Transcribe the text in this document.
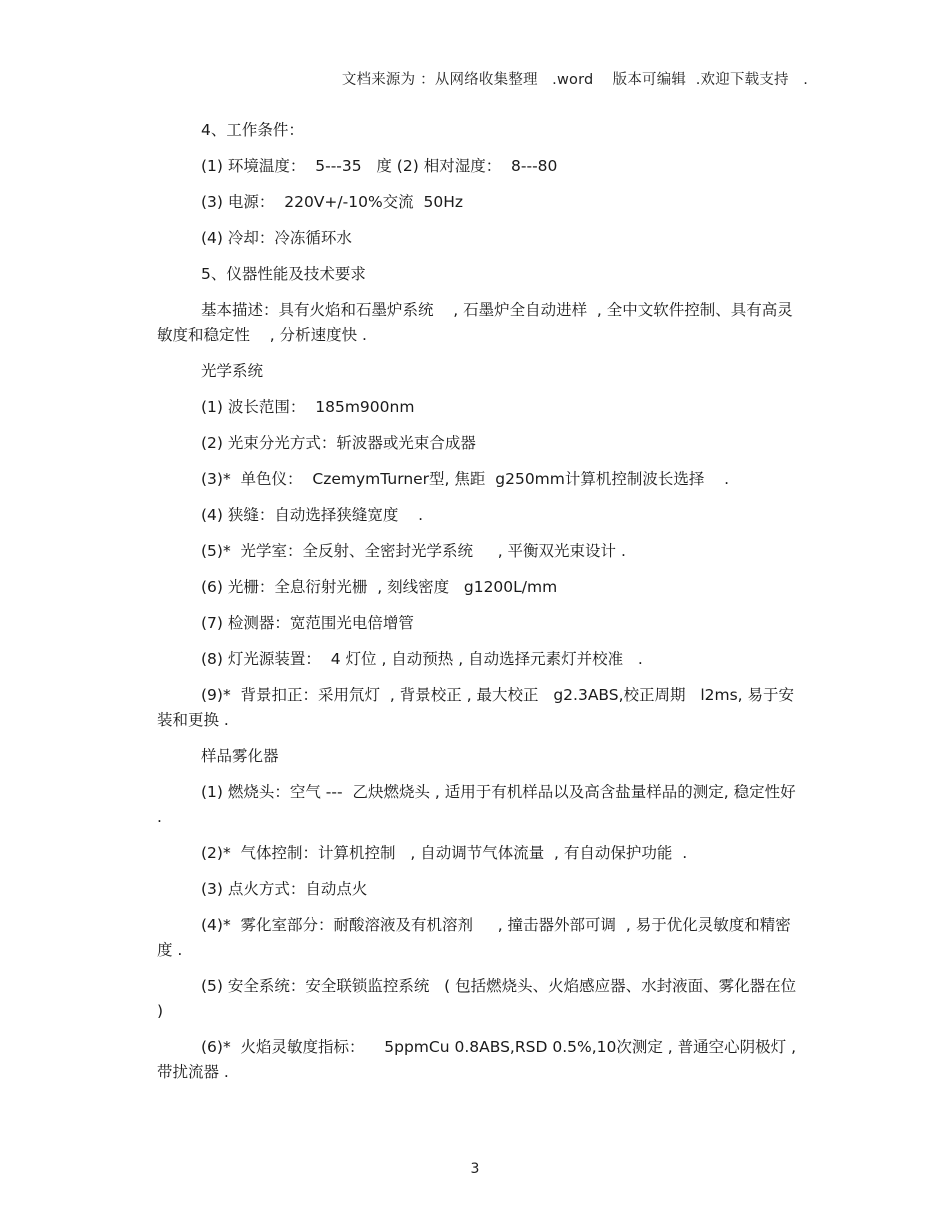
文档来源为 ：从网络收集整理   .word    版本可编辑  .欢迎下载支持   .

4、工作条件：

(1) 环境温度：  5---35   度 (2) 相对湿度：  8---80

(3) 电源：  220V+/-10%交流  50Hz

(4) 冷却：冷冻循环水

5、仪器性能及技术要求

基本描述：具有火焰和石墨炉系统    , 石墨炉全自动进样  , 全中文软件控制、具有高灵敏度和稳定性    , 分析速度快 .

光学系统

(1) 波长范围：  185m900nm

(2) 光束分光方式：斩波器或光束合成器

(3)*  单色仪：  CzemymTurner型, 焦距  g250mm计算机控制波长选择    .

(4) 狭缝：自动选择狭缝宽度    .

(5)*  光学室：全反射、全密封光学系统     , 平衡双光束设计 .

(6) 光栅：全息衍射光栅  , 刻线密度   g1200L/mm

(7) 检测器：宽范围光电倍增管

(8) 灯光源装置：  4 灯位 , 自动预热 , 自动选择元素灯并校准   .

(9)*  背景扣正：采用氘灯  , 背景校正 , 最大校正   g2.3ABS,校正周期   l2ms, 易于安装和更换 .

样品雾化器

(1) 燃烧头：空气 ---  乙炔燃烧头 , 适用于有机样品以及高含盐量样品的测定, 稳定性好 .

(2)*  气体控制：计算机控制   , 自动调节气体流量  , 有自动保护功能  .

(3) 点火方式：自动点火

(4)*  雾化室部分：耐酸溶液及有机溶剂     , 撞击器外部可调  , 易于优化灵敏度和精密度 .

(5) 安全系统：安全联锁监控系统   ( 包括燃烧头、火焰感应器、水封液面、雾化器在位  )

(6)*  火焰灵敏度指标：    5ppmCu 0.8ABS,RSD 0.5%,10次测定 , 普通空心阴极灯 , 带扰流器 .

3
